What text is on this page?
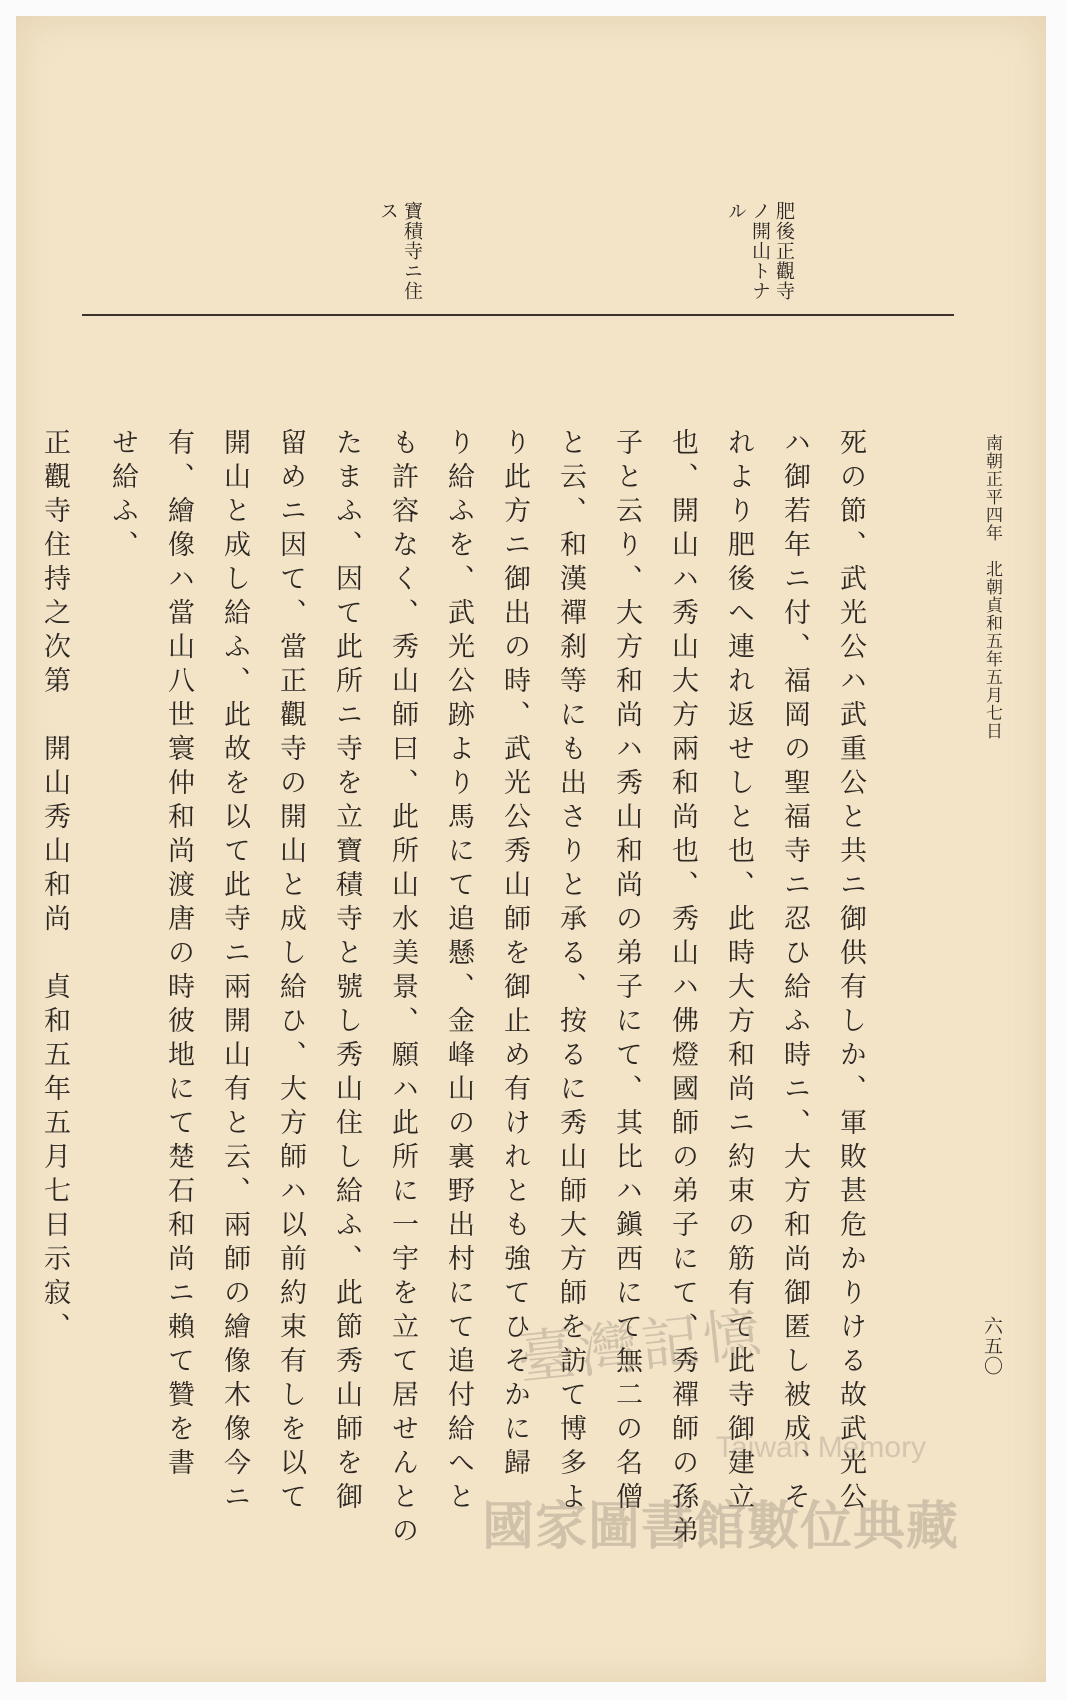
肥後正觀寺ノ開山トナル
寶積寺ニ住ス
南朝正平四年　北朝貞和五年五月七日
六五〇
死の節、武光公ハ武重公と共ニ御供有しか、軍敗甚危かりける故武光公
ハ御若年ニ付、福岡の聖福寺ニ忍ひ給ふ時ニ、大方和尚御匿し被成、そ
れより肥後へ連れ返せしと也、此時大方和尚ニ約束の筋有て此寺御建立
也、開山ハ秀山大方兩和尚也、秀山ハ佛燈國師の弟子にて、秀禪師の孫弟
子と云り、大方和尚ハ秀山和尚の弟子にて、其比ハ鎭西にて無二の名僧
と云、和漢禪刹等にも出さりと承る、按るに秀山師大方師を訪て博多よ
り此方ニ御出の時、武光公秀山師を御止め有けれとも強てひそかに歸
り給ふを、武光公跡より馬にて追懸、金峰山の裏野出村にて追付給へと
も許容なく、秀山師曰、此所山水美景、願ハ此所に一宇を立て居せんとの
たまふ、因て此所ニ寺を立寶積寺と號し秀山住し給ふ、此節秀山師を御
留めニ因て、當正觀寺の開山と成し給ひ、大方師ハ以前約束有しを以て
開山と成し給ふ、此故を以て此寺ニ兩開山有と云、兩師の繪像木像今ニ
有、繪像ハ當山八世寰仲和尚渡唐の時彼地にて楚石和尚ニ賴て贊を書
せ給ふ、
正觀寺住持之次第　開山秀山和尚　貞和五年五月七日示寂、
臺灣記憶
Taiwan Memory
國家圖書館數位典藏
